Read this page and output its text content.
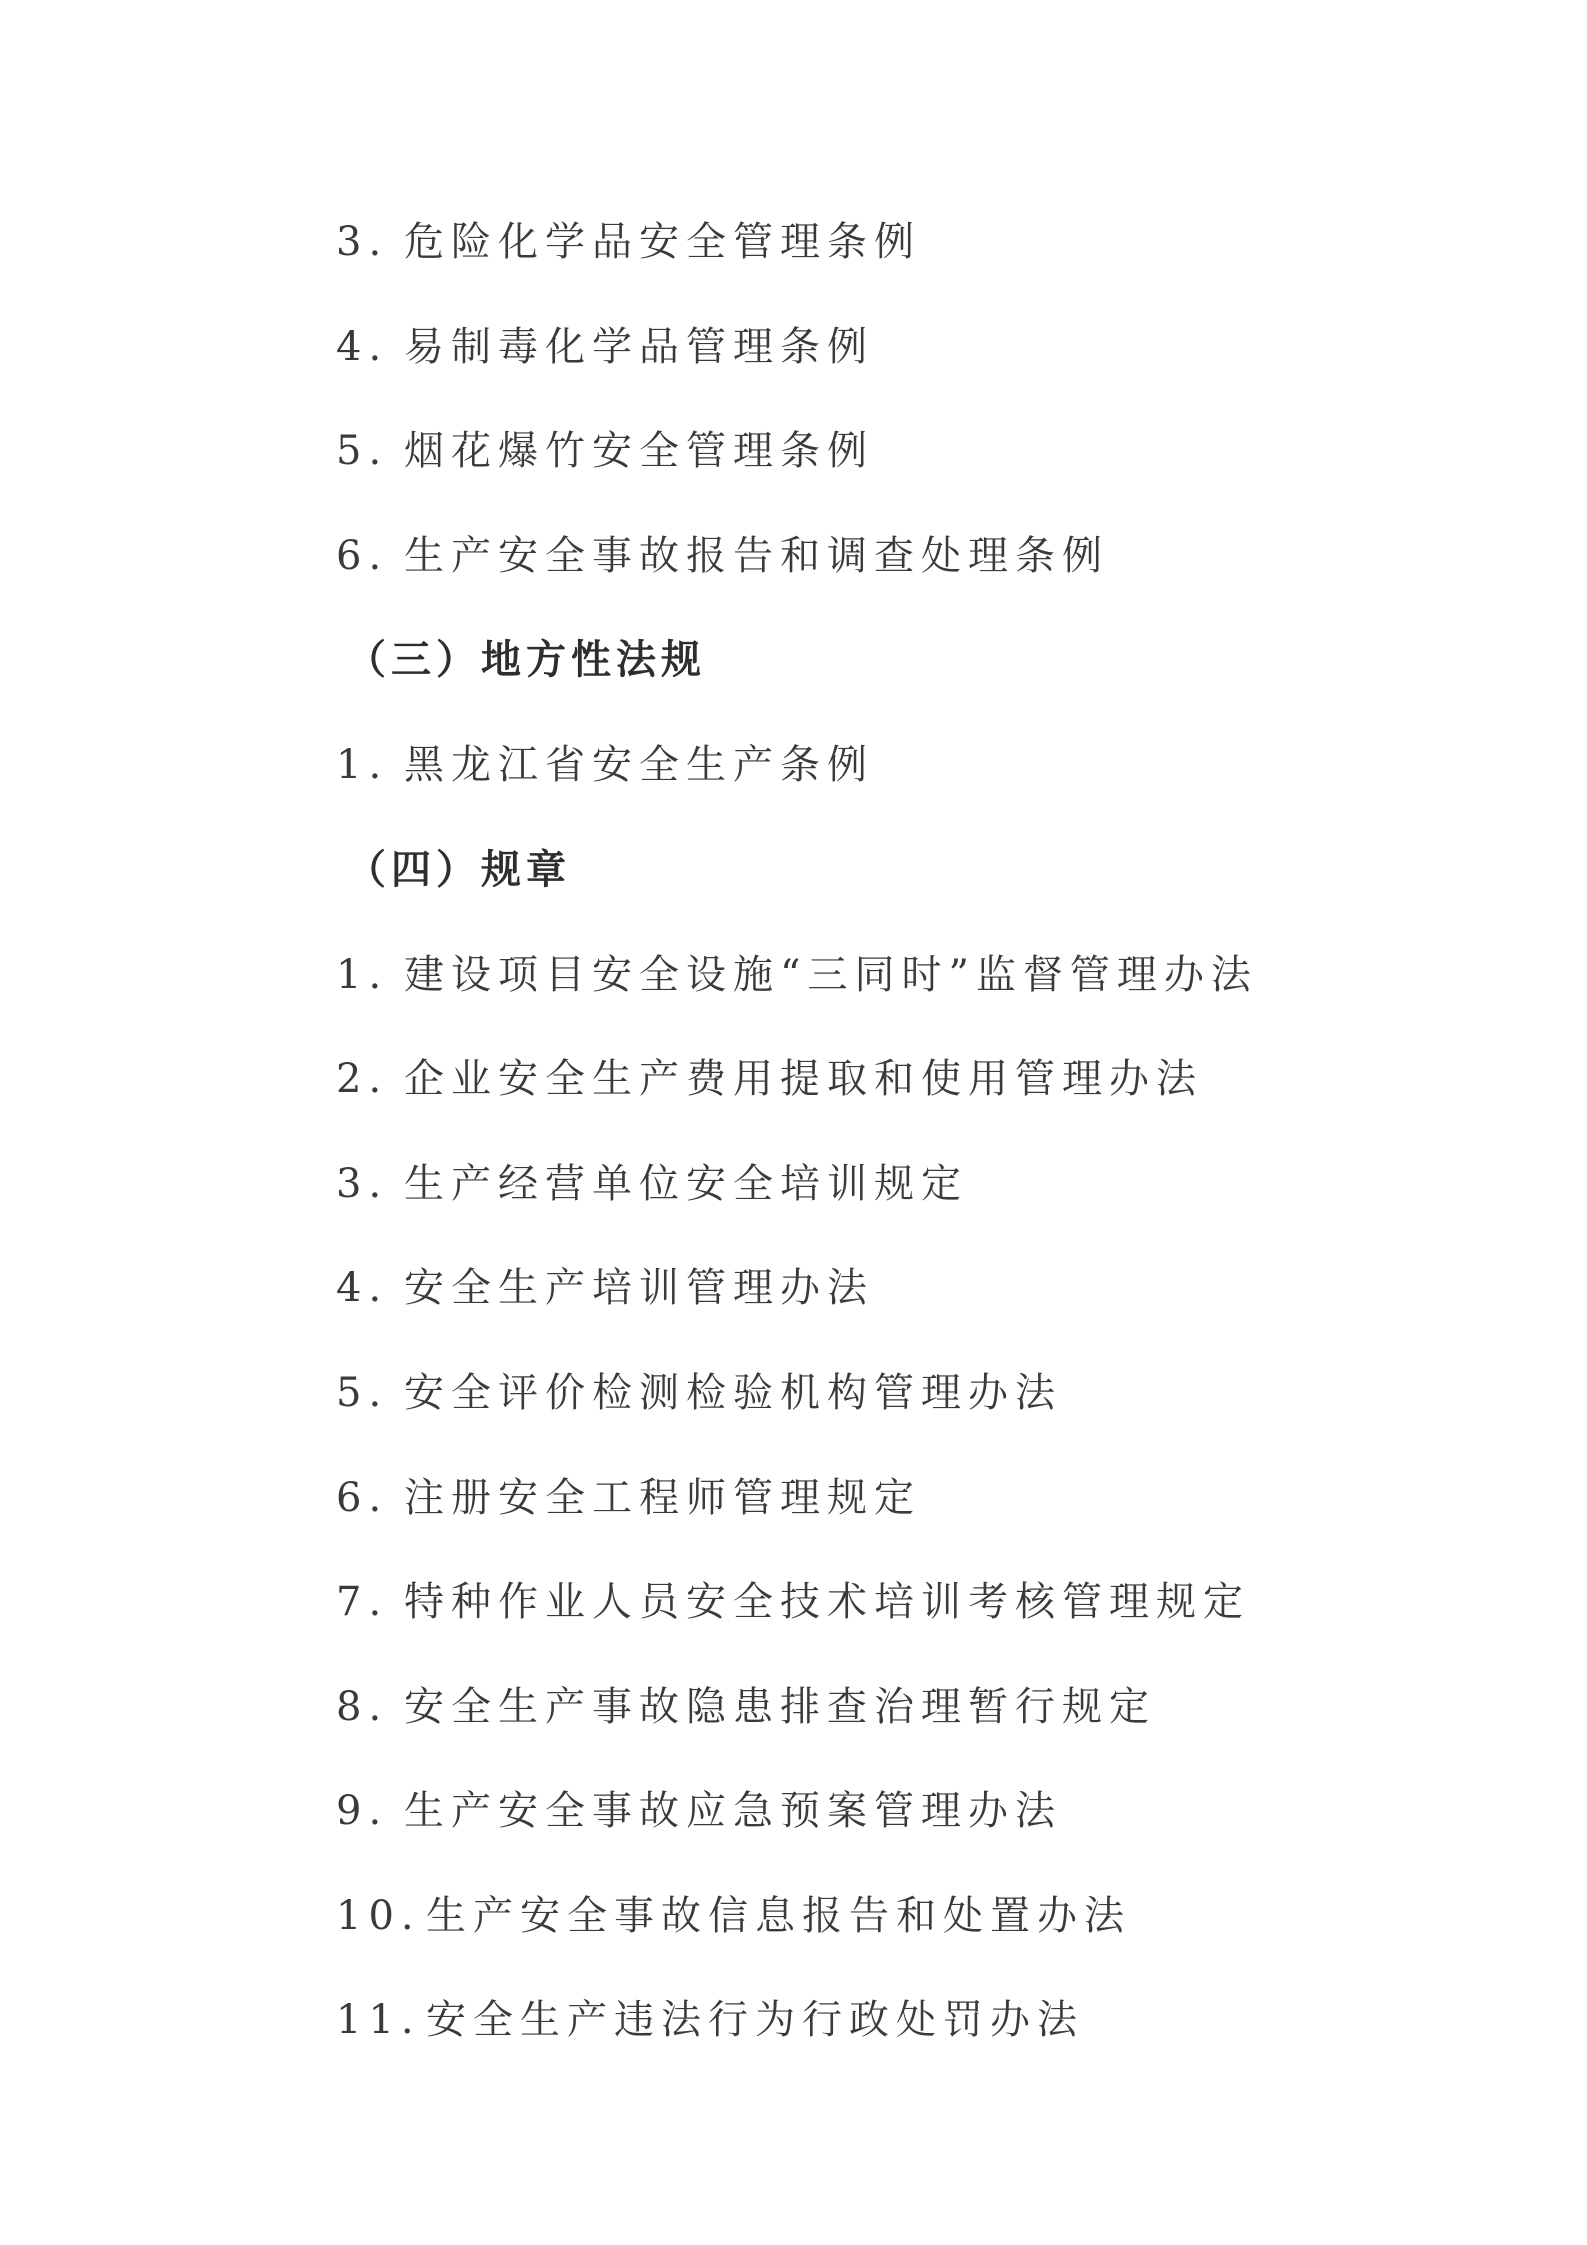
3. 危险化学品安全管理条例
4. 易制毒化学品管理条例
5. 烟花爆竹安全管理条例
6. 生产安全事故报告和调查处理条例
（三）地方性法规
1. 黑龙江省安全生产条例
（四）规章
1. 建设项目安全设施“三同时”监督管理办法
2. 企业安全生产费用提取和使用管理办法
3. 生产经营单位安全培训规定
4. 安全生产培训管理办法
5. 安全评价检测检验机构管理办法
6. 注册安全工程师管理规定
7. 特种作业人员安全技术培训考核管理规定
8. 安全生产事故隐患排查治理暂行规定
9. 生产安全事故应急预案管理办法
10. 生产安全事故信息报告和处置办法
11. 安全生产违法行为行政处罚办法
